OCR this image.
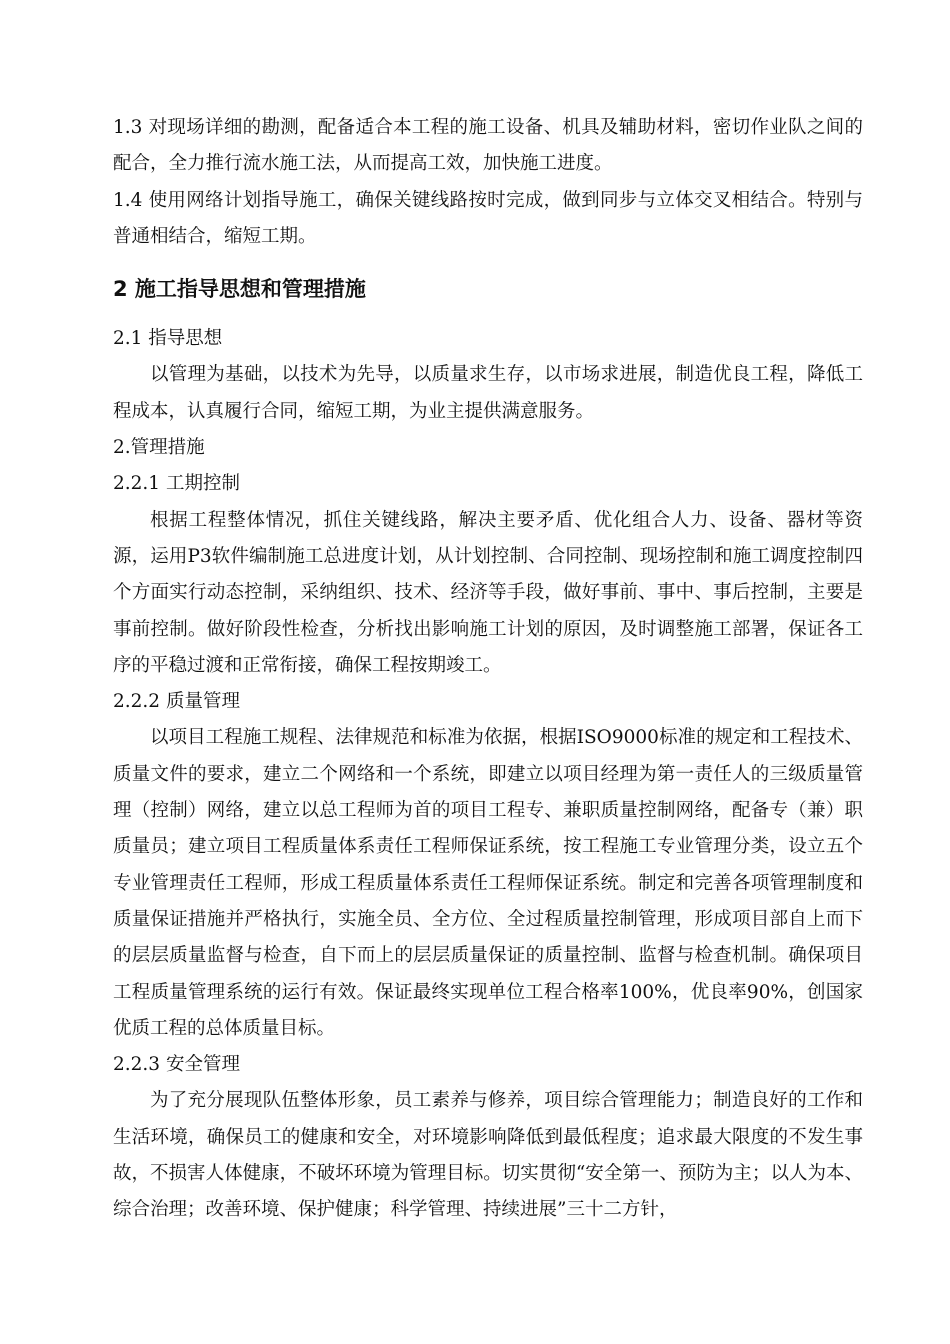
1.3 对现场详细的勘测，配备适合本工程的施工设备、机具及辅助材料，密切作业队之间的配合，全力推行流水施工法，从而提高工效，加快施工进度。

1.4 使用网络计划指导施工，确保关键线路按时完成，做到同步与立体交叉相结合。特别与普通相结合，缩短工期。

2 施工指导思想和管理措施

2.1 指导思想

以管理为基础，以技术为先导，以质量求生存，以市场求进展，制造优良工程，降低工程成本，认真履行合同，缩短工期，为业主提供满意服务。

2.管理措施

2.2.1 工期控制

根据工程整体情况，抓住关键线路，解决主要矛盾、优化组合人力、设备、器材等资源，运用P3软件编制施工总进度计划，从计划控制、合同控制、现场控制和施工调度控制四个方面实行动态控制，采纳组织、技术、经济等手段，做好事前、事中、事后控制，主要是事前控制。做好阶段性检查，分析找出影响施工计划的原因，及时调整施工部署，保证各工序的平稳过渡和正常衔接，确保工程按期竣工。

2.2.2 质量管理

以项目工程施工规程、法律规范和标准为依据，根据ISO9000标准的规定和工程技术、质量文件的要求，建立二个网络和一个系统，即建立以项目经理为第一责任人的三级质量管理（控制）网络，建立以总工程师为首的项目工程专、兼职质量控制网络，配备专（兼）职质量员；建立项目工程质量体系责任工程师保证系统，按工程施工专业管理分类，设立五个专业管理责任工程师，形成工程质量体系责任工程师保证系统。制定和完善各项管理制度和质量保证措施并严格执行，实施全员、全方位、全过程质量控制管理，形成项目部自上而下的层层质量监督与检查，自下而上的层层质量保证的质量控制、监督与检查机制。确保项目工程质量管理系统的运行有效。保证最终实现单位工程合格率100%，优良率90%，创国家优质工程的总体质量目标。

2.2.3 安全管理

为了充分展现队伍整体形象，员工素养与修养，项目综合管理能力；制造良好的工作和生活环境，确保员工的健康和安全，对环境影响降低到最低程度；追求最大限度的不发生事故，不损害人体健康，不破坏环境为管理目标。切实贯彻“安全第一、预防为主；以人为本、综合治理；改善环境、保护健康；科学管理、持续进展”三十二方针，
